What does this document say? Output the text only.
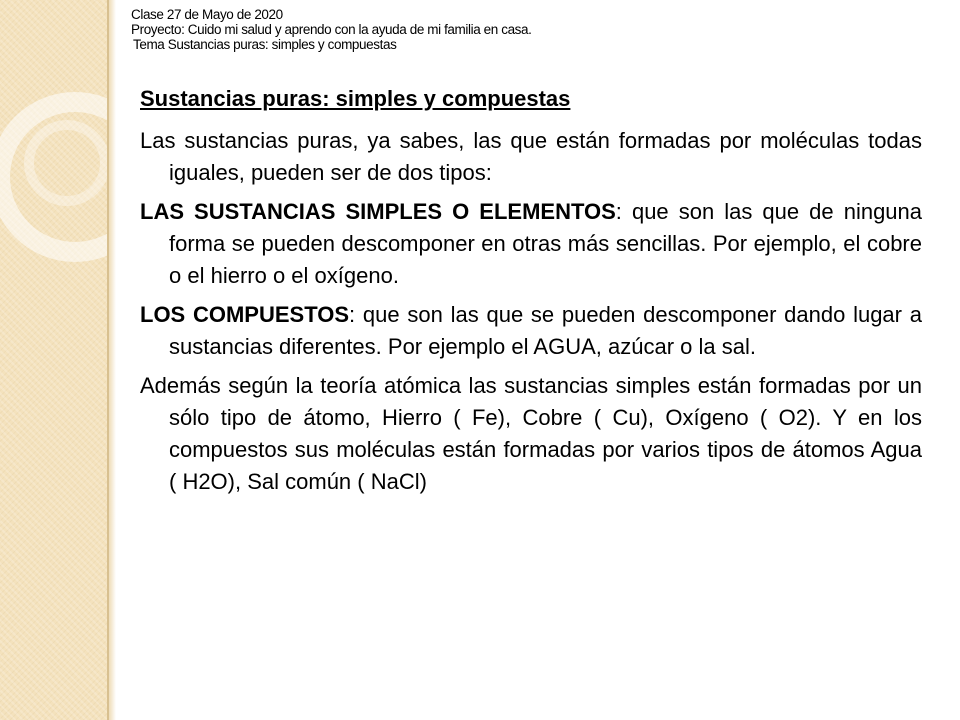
Clase 27 de Mayo de 2020
Proyecto: Cuido mi salud y aprendo con la ayuda de mi familia en casa.
Tema Sustancias puras: simples y compuestas
Sustancias puras: simples y compuestas

Las sustancias puras, ya sabes, las que están formadas por moléculas todas iguales, pueden ser de dos tipos:

LAS SUSTANCIAS SIMPLES O ELEMENTOS: que son las que de ninguna forma se pueden descomponer en otras más sencillas. Por ejemplo, el cobre o el hierro o el oxígeno.

LOS COMPUESTOS: que son las que se pueden descomponer dando lugar a sustancias diferentes. Por ejemplo el AGUA, azúcar o la sal.

Además según la teoría atómica las sustancias simples están formadas por un sólo tipo de átomo, Hierro ( Fe), Cobre ( Cu), Oxígeno ( O2). Y en los compuestos sus moléculas están formadas por varios tipos de átomos Agua ( H2O), Sal común ( NaCl)
